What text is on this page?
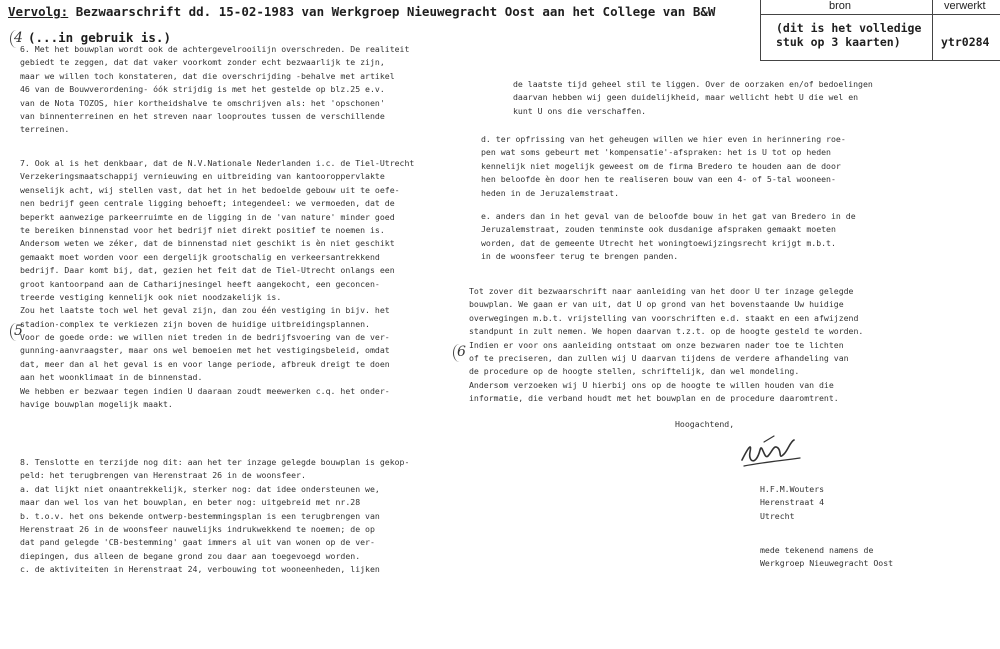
Vervolg: Bezwaarschrift dd. 15-02-1983 van Werkgroep Nieuwegracht Oost aan het College van B&W	bron	verwerkt
(dit is het volledige
stuk op 3 kaarten)	ytr0284
(...in gebruik is.)
4
5
6
6. Met het bouwplan wordt ook de achtergevelrooilijn overschreden. De realiteit
gebiedt te zeggen, dat dat vaker voorkomt zonder echt bezwaarlijk te zijn,
maar we willen toch konstateren, dat die overschrijding -behalve met artikel
46 van de Bouwverordening- óók strijdig is met het gestelde op blz.25 e.v.
van de Nota TOZOS, hier kortheidshalve te omschrijven als: het 'opschonen'
van binnenterreinen en het streven naar looproutes tussen de verschillende
terreinen.
7. Ook al is het denkbaar, dat de N.V.Nationale Nederlanden i.c. de Tiel-Utrecht
Verzekeringsmaatschappij vernieuwing en uitbreiding van kantooroppervlakte
wenselijk acht, wij stellen vast, dat het in het bedoelde gebouw uit te oefe-
nen bedrijf geen centrale ligging behoeft; integendeel: we vermoeden, dat de
beperkt aanwezige parkeerruimte en de ligging in de 'van nature' minder goed
te bereiken binnenstad voor het bedrijf niet direkt positief te noemen is.
Andersom weten we zéker, dat de binnenstad niet geschikt is èn niet geschikt
gemaakt moet worden voor een dergelijk grootschalig en verkeersantrekkend
bedrijf. Daar komt bij, dat, gezien het feit dat de Tiel-Utrecht onlangs een
groot kantoorpand aan de Catharijnesingel heeft aangekocht, een geconcen-
treerde vestiging kennelijk ook niet noodzakelijk is.
Zou het laatste toch wel het geval zijn, dan zou één vestiging in bijv. het
stadion-complex te verkiezen zijn boven de huidige uitbreidingsplannen.
Voor de goede orde: we willen niet treden in de bedrijfsvoering van de ver-
gunning-aanvraagster, maar ons wel bemoeien met het vestigingsbeleid, omdat
dat, meer dan al het geval is en voor lange periode, afbreuk dreigt te doen
aan het woonklimaat in de binnenstad.
We hebben er bezwaar tegen indien U daaraan zoudt meewerken c.q. het onder-
havige bouwplan mogelijk maakt.
8. Tenslotte en terzijde nog dit: aan het ter inzage gelegde bouwplan is gekop-
peld: het terugbrengen van Herenstraat 26 in de woonsfeer.
a. dat lijkt niet onaantrekkelijk, sterker nog: dat idee ondersteunen we,
maar dan wel los van het bouwplan, en beter nog: uitgebreid met nr.28
b. t.o.v. het ons bekende ontwerp-bestemmingsplan is een terugbrengen van
Herenstraat 26 in de woonsfeer nauwelijks indrukwekkend te noemen; de op
dat pand gelegde 'CB-bestemming' gaat immers al uit van wonen op de ver-
diepingen, dus alleen de begane grond zou daar aan toegevoegd worden.
c. de aktiviteiten in Herenstraat 24, verbouwing tot wooneenheden, lijken
de laatste tijd geheel stil te liggen. Over de oorzaken en/of bedoelingen
daarvan hebben wij geen duidelijkheid, maar wellicht hebt U die wel en
kunt U ons die verschaffen.
d. ter opfrissing van het geheugen willen we hier even in herinnering roe-
pen wat soms gebeurt met 'kompensatie'-afspraken: het is U tot op heden
kennelijk niet mogelijk geweest om de firma Bredero te houden aan de door
hen beloofde èn door hen te realiseren bouw van een 4- of 5-tal wooneen-
heden in de Jeruzalemstraat.
e. anders dan in het geval van de beloofde bouw in het gat van Bredero in de
Jeruzalemstraat, zouden tenminste ook dusdanige afspraken gemaakt moeten
worden, dat de gemeente Utrecht het woningtoewijzingsrecht krijgt m.b.t.
in de woonsfeer terug te brengen panden.
Tot zover dit bezwaarschrift naar aanleiding van het door U ter inzage gelegde
bouwplan. We gaan er van uit, dat U op grond van het bovenstaande Uw huidige
overwegingen m.b.t. vrijstelling van voorschriften e.d. staakt en een afwijzend
standpunt in zult nemen. We hopen daarvan t.z.t. op de hoogte gesteld te worden.
Indien er voor ons aanleiding ontstaat om onze bezwaren nader toe te lichten
of te preciseren, dan zullen wij U daarvan tijdens de verdere afhandeling van
de procedure op de hoogte stellen, schriftelijk, dan wel mondeling.
Andersom verzoeken wij U hierbij ons op de hoogte te willen houden van die
informatie, die verband houdt met het bouwplan en de procedure daaromtrent.
Hoogachtend,
H.F.M.Wouters
Herenstraat 4
Utrecht
mede tekenend namens de
Werkgroep Nieuwegracht Oost
